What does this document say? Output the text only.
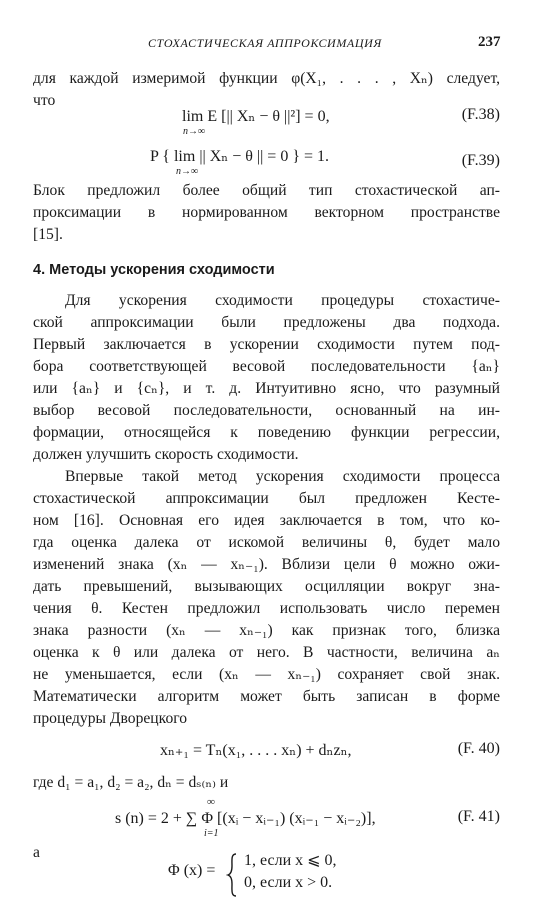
СТОХАСТИЧЕСКАЯ АППРОКСИМАЦИЯ	237
для каждой измеримой функции φ(X₁, . . . , Xₙ) следует,
что
lim E [|| Xₙ − θ ||²] = 0,
n→∞
(F.38)
P { lim || Xₙ − θ || = 0 } = 1.
n→∞
(F.39)
Блок предложил более общий тип стохастической ап-
проксимации в нормированном векторном пространстве
[15].
4. Методы ускорения сходимости
Для ускорения сходимости процедуры стохастиче-
ской аппроксимации были предложены два подхода.
Первый заключается в ускорении сходимости путем под-
бора соответствующей весовой последовательности {aₙ}
или {aₙ} и {cₙ}, и т. д. Интуитивно ясно, что разумный
выбор весовой последовательности, основанный на ин-
формации, относящейся к поведению функции регрессии,
должен улучшить скорость сходимости.
Впервые такой метод ускорения сходимости процесса
стохастической аппроксимации был предложен Кесте-
ном [16]. Основная его идея заключается в том, что ко-
гда оценка далека от искомой величины θ, будет мало
изменений знака (xₙ — xₙ₋₁). Вблизи цели θ можно ожи-
дать превышений, вызывающих осцилляции вокруг зна-
чения θ. Кестен предложил использовать число перемен
знака разности (xₙ — xₙ₋₁) как признак того, близка
оценка к θ или далека от него. В частности, величина aₙ
не уменьшается, если (xₙ — xₙ₋₁) сохраняет свой знак.
Математически алгоритм может быть записан в форме
процедуры Дворецкого
xₙ₊₁ = Tₙ(x₁, . . . . xₙ) + dₙzₙ,	(F. 40)
где d₁ = a₁, d₂ = a₂, dₙ = dₛ₍ₙ₎ и
∞
s (n) = 2 + ∑ Φ [(xᵢ − xᵢ₋₁) (xᵢ₋₁ − xᵢ₋₂)],
i=1
(F. 41)
а
Φ (x) =
1, если x ⩽ 0,
0, если x > 0.
